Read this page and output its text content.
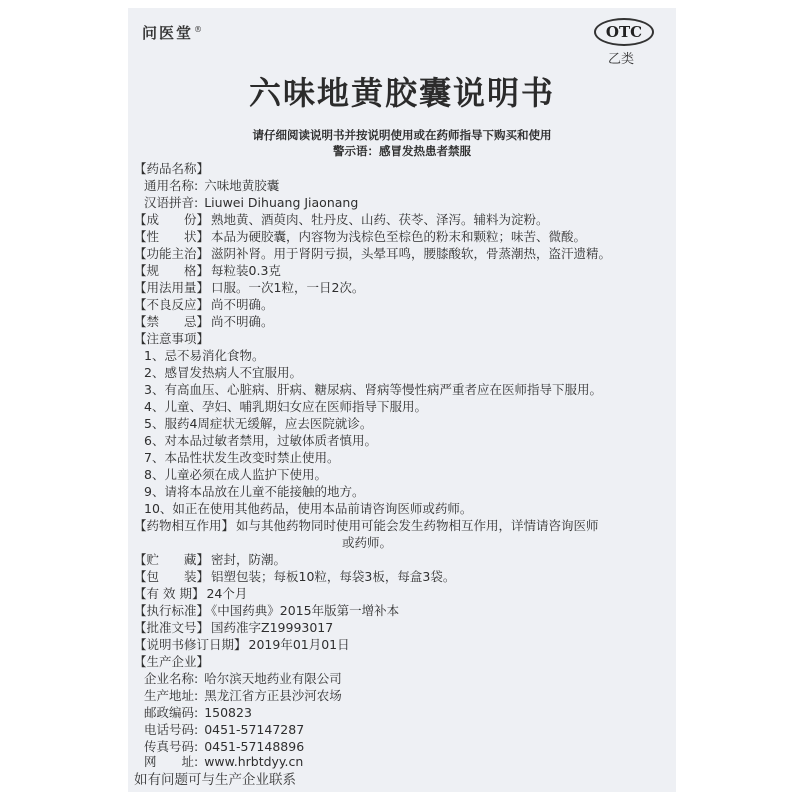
问医堂®	OTC
乙类
六味地黄胶囊说明书
请仔细阅读说明书并按说明使用或在药师指导下购买和使用
警示语：感冒发热患者禁服
【药品名称】
通用名称: 六味地黄胶囊
汉语拼音: Liuwei Dihuang Jiaonang
【成　　份】 熟地黄、酒萸肉、牡丹皮、山药、茯苓、泽泻。辅料为淀粉。
【性　　状】 本品为硬胶囊，内容物为浅棕色至棕色的粉末和颗粒；味苦、微酸。
【功能主治】 滋阴补肾。用于肾阴亏损，头晕耳鸣，腰膝酸软，骨蒸潮热，盗汗遗精。
【规　　格】 每粒装0.3克
【用法用量】 口服。一次1粒，一日2次。
【不良反应】 尚不明确。
【禁　　忌】 尚不明确。
【注意事项】
1、忌不易消化食物。
2、感冒发热病人不宜服用。
3、有高血压、心脏病、肝病、糖尿病、肾病等慢性病严重者应在医师指导下服用。
4、儿童、孕妇、哺乳期妇女应在医师指导下服用。
5、服药4周症状无缓解，应去医院就诊。
6、对本品过敏者禁用，过敏体质者慎用。
7、本品性状发生改变时禁止使用。
8、儿童必须在成人监护下使用。
9、请将本品放在儿童不能接触的地方。
10、如正在使用其他药品，使用本品前请咨询医师或药师。
【药物相互作用】 如与其他药物同时使用可能会发生药物相互作用，详情请咨询医师
或药师。
【贮　　藏】 密封，防潮。
【包　　装】 铝塑包装；每板10粒，每袋3板，每盒3袋。
【有 效 期】 24个月
【执行标准】 《中国药典》2015年版第一增补本
【批准文号】 国药准字Z19993017
【说明书修订日期】 2019年01月01日
【生产企业】
企业名称: 哈尔滨天地药业有限公司
生产地址: 黑龙江省方正县沙河农场
邮政编码: 150823
电话号码: 0451-57147287
传真号码: 0451-57148896
网　　址: www.hrbtdyy.cn
如有问题可与生产企业联系
